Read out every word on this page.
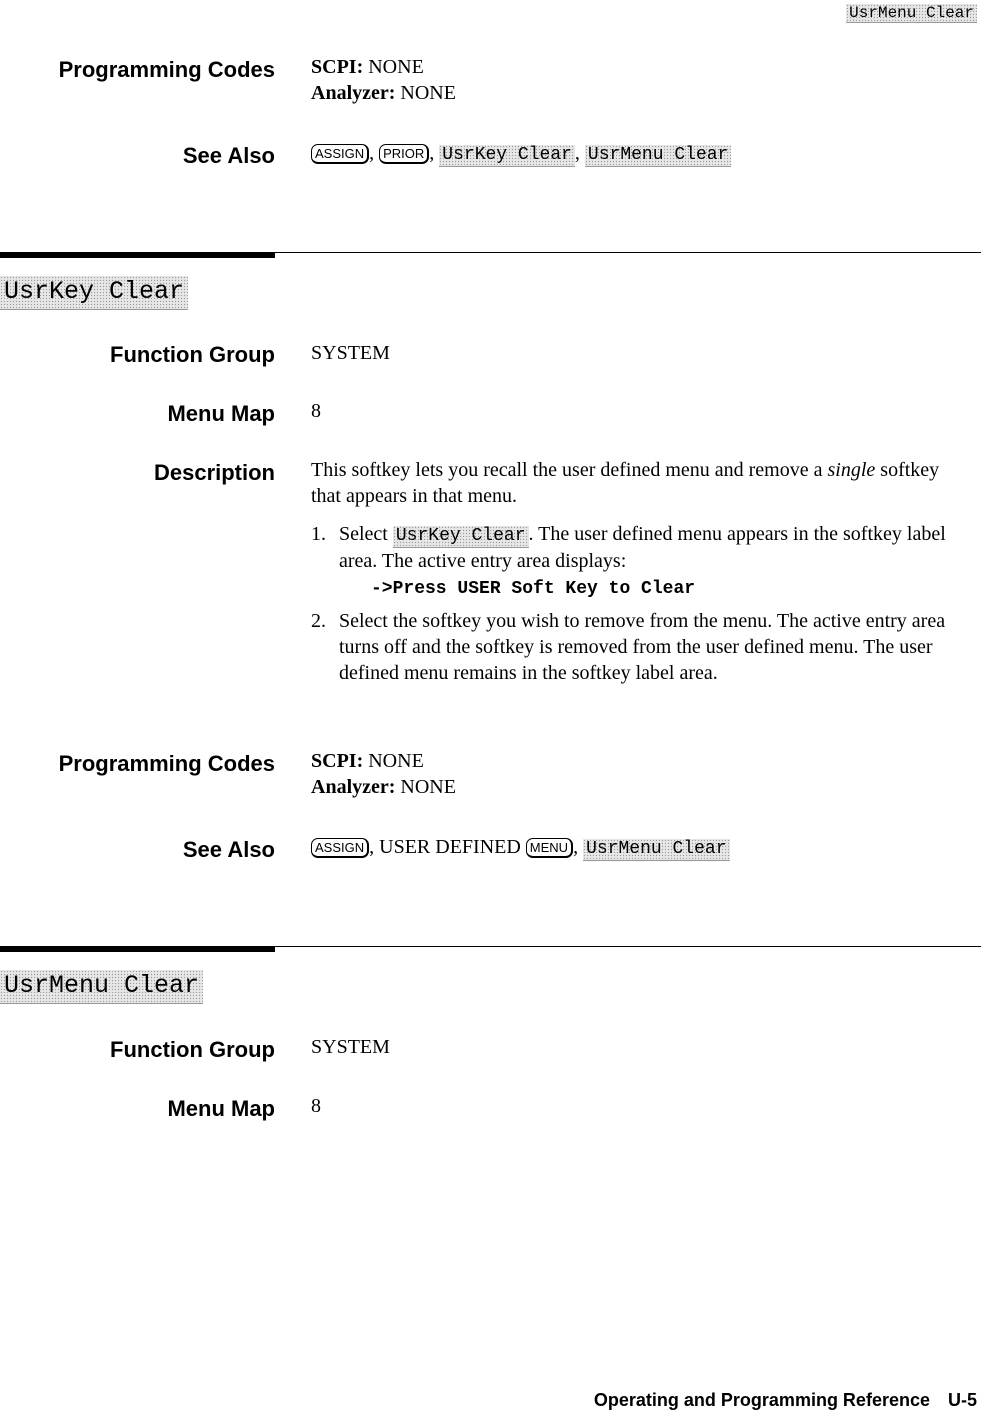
UsrMenu Clear
Programming Codes SCPI: NONE
Analyzer: NONE
See Also	ASSIGN , PRIOR , UsrKey Clear , UsrMenu Clear
UsrKey Clear
Function Group SYSTEM
Menu Map 8
Description This softkey lets you recall the user defined menu and remove a single softkey that appears in that menu.
1. Select UsrKey Clear . The user defined menu appears in the softkey label area. The active entry area displays:
->Press USER Soft Key to Clear
2. Select the softkey you wish to remove from the menu. The active entry area turns off and the softkey is removed from the user defined menu. The user defined menu remains in the softkey label area.
Programming Codes SCPI: NONE
Analyzer: NONE
See Also	ASSIGN , USER DEFINED MENU , UsrMenu Clear
UsrMenu Clear
Function Group SYSTEM
Menu Map 8
Operating and Programming Reference U-5
